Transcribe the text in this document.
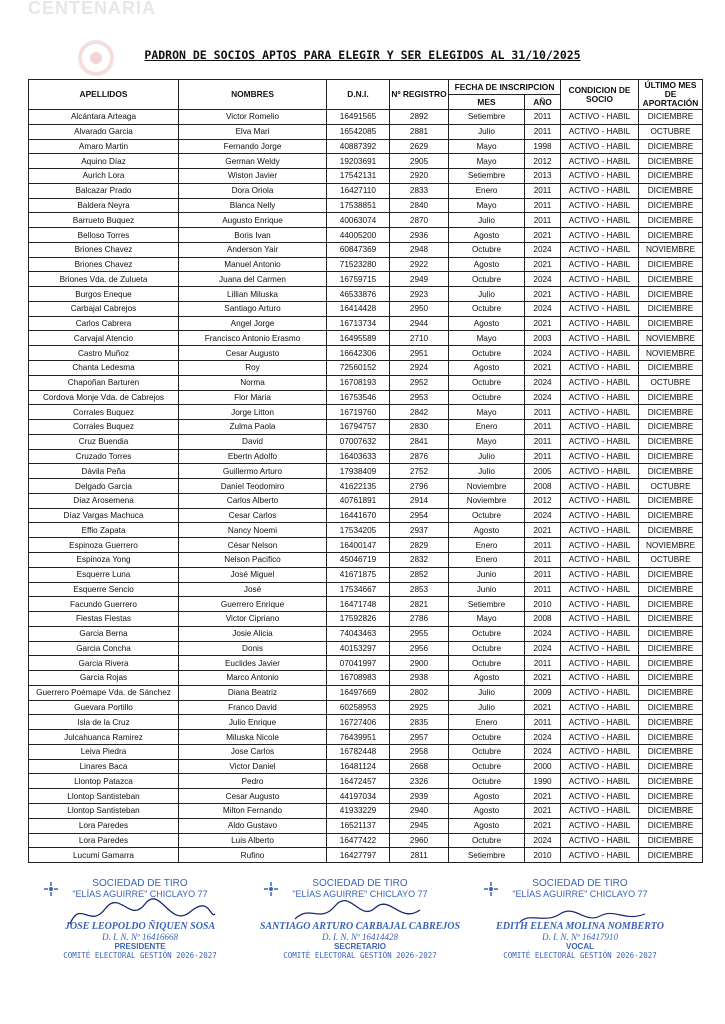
CENTENARIA
PADRON DE SOCIOS APTOS PARA ELEGIR Y SER ELEGIDOS AL 31/10/2025
APELLIDOS	NOMBRES	D.N.I.	Nº REGISTRO	FECHA DE INSCRIPCION		CONDICION DE SOCIO	ÚLTIMO MES DE APORTACIÓN
				MES	AÑO		
Alcántara Arteaga	Victor Romelio	16491565	2892	Setiembre	2011	ACTIVO - HABIL	DICIEMBRE
Alvarado Garcia	Elva Mari	16542085	2881	Julio	2011	ACTIVO - HABIL	OCTUBRE
Amaro Martin	Fernando Jorge	40887392	2629	Mayo	1998	ACTIVO - HABIL	DICIEMBRE
Aquino Díaz	German Weldy	19203691	2905	Mayo	2012	ACTIVO - HABIL	DICIEMBRE
Aurich Lora	Wiston Javier	17542131	2920	Setiembre	2013	ACTIVO - HABIL	DICIEMBRE
Balcazar Prado	Dora Oriola	16427110	2833	Enero	2011	ACTIVO - HABIL	DICIEMBRE
Baldera Neyra	Blanca Nelly	17538851	2840	Mayo	2011	ACTIVO - HABIL	DICIEMBRE
Barrueto Buquez	Augusto Enrique	40063074	2870	Julio	2011	ACTIVO - HABIL	DICIEMBRE
Belloso Torres	Boris Ivan	44005200	2936	Agosto	2021	ACTIVO - HABIL	DICIEMBRE
Briones Chavez	Anderson Yair	60847369	2948	Octubre	2024	ACTIVO - HABIL	NOVIEMBRE
Briones Chavez	Manuel Antonio	71523280	2922	Agosto	2021	ACTIVO - HABIL	DICIEMBRE
Briones Vda. de Zulueta	Juana del Carmen	16759715	2949	Octubre	2024	ACTIVO - HABIL	DICIEMBRE
Burgos Eneque	Lillian Miluska	46533876	2923	Julio	2021	ACTIVO - HABIL	DICIEMBRE
Carbajal Cabrejos	Santiago Arturo	16414428	2950	Octubre	2024	ACTIVO - HABIL	DICIEMBRE
Carlos Cabrera	Angel Jorge	16713734	2944	Agosto	2021	ACTIVO - HABIL	DICIEMBRE
Carvajal Atencio	Francisco Antonio Erasmo	16495589	2710	Mayo	2003	ACTIVO - HABIL	NOVIEMBRE
Castro Muñoz	Cesar Augusto	16642306	2951	Octubre	2024	ACTIVO - HABIL	NOVIEMBRE
Chanta Ledesma	Roy	72560152	2924	Agosto	2021	ACTIVO - HABIL	DICIEMBRE
Chapoñan Barturen	Norma	16708193	2952	Octubre	2024	ACTIVO - HABIL	OCTUBRE
Cordova Monje Vda. de Cabrejos	Flor Maria	16753546	2953	Octubre	2024	ACTIVO - HABIL	DICIEMBRE
Corrales Buquez	Jorge Litton	16719760	2842	Mayo	2011	ACTIVO - HABIL	DICIEMBRE
Corrales Buquez	Zulma Paola	16794757	2830	Enero	2011	ACTIVO - HABIL	DICIEMBRE
Cruz Buendia	David	07007632	2841	Mayo	2011	ACTIVO - HABIL	DICIEMBRE
Cruzado Torres	Ebertn Adolfo	16403633	2876	Julio	2011	ACTIVO - HABIL	DICIEMBRE
Dávila Peña	Guillermo Arturo	17938409	2752	Julio	2005	ACTIVO - HABIL	DICIEMBRE
Delgado Garcia	Daniel Teodomiro	41622135	2796	Noviembre	2008	ACTIVO - HABIL	OCTUBRE
Díaz Arosemena	Carlos Alberto	40761891	2914	Noviembre	2012	ACTIVO - HABIL	DICIEMBRE
Díaz Vargas Machuca	Cesar Carlos	16441670	2954	Octubre	2024	ACTIVO - HABIL	DICIEMBRE
Effio Zapata	Nancy Noemi	17534205	2937	Agosto	2021	ACTIVO - HABIL	DICIEMBRE
Espinoza Guerrero	César Nelson	16400147	2829	Enero	2011	ACTIVO - HABIL	NOVIEMBRE
Espinoza Yong	Nelson Pacifico	45046719	2832	Enero	2011	ACTIVO - HABIL	OCTUBRE
Esquerre Luna	José Miguel	41671875	2852	Junio	2011	ACTIVO - HABIL	DICIEMBRE
Esquerre Sencio	José	17534667	2853	Junio	2011	ACTIVO - HABIL	DICIEMBRE
Facundo Guerrero	Guerrero Enrique	16471748	2821	Setiembre	2010	ACTIVO - HABIL	DICIEMBRE
Fiestas Fiestas	Victor Cipriano	17592826	2786	Mayo	2008	ACTIVO - HABIL	DICIEMBRE
Garcia Berna	Josie Alicia	74043463	2955	Octubre	2024	ACTIVO - HABIL	DICIEMBRE
Garcia Concha	Donis	40153297	2956	Octubre	2024	ACTIVO - HABIL	DICIEMBRE
Garcia Rivera	Euclides Javier	07041997	2900	Octubre	2011	ACTIVO - HABIL	DICIEMBRE
Garcia Rojas	Marco Antonio	16708983	2938	Agosto	2021	ACTIVO - HABIL	DICIEMBRE
Guerrero Poémape Vda. de Sánchez	Diana Beatriz	16497669	2802	Julio	2009	ACTIVO - HABIL	DICIEMBRE
Guevara Portillo	Franco David	60258953	2925	Julio	2021	ACTIVO - HABIL	DICIEMBRE
Isla de la Cruz	Julio Enrique	16727406	2835	Enero	2011	ACTIVO - HABIL	DICIEMBRE
Julcahuanca Ramirez	Miluska Nicole	76439951	2957	Octubre	2024	ACTIVO - HABIL	DICIEMBRE
Leiva Piedra	Jose Carlos	16782448	2958	Octubre	2024	ACTIVO - HABIL	DICIEMBRE
Linares Baca	Victor Daniel	16481124	2668	Octubre	2000	ACTIVO - HABIL	DICIEMBRE
Llontop Patazca	Pedro	16472457	2326	Octubre	1990	ACTIVO - HABIL	DICIEMBRE
Llontop Santisteban	Cesar Augusto	44197034	2939	Agosto	2021	ACTIVO - HABIL	DICIEMBRE
Llontop Santisteban	Milton Fernando	41933229	2940	Agosto	2021	ACTIVO - HABIL	DICIEMBRE
Lora Paredes	Aldo Gustavo	16521137	2945	Agosto	2021	ACTIVO - HABIL	DICIEMBRE
Lora Paredes	Luis Alberto	16477422	2960	Octubre	2024	ACTIVO - HABIL	DICIEMBRE
Lucumi Gamarra	Rufino	16427797	2811	Setiembre	2010	ACTIVO - HABIL	DICIEMBRE
SOCIEDAD DE TIRO
"ELÍAS AGUIRRE" CHICLAYO 77
JOSE LEOPOLDO ÑIQUEN SOSA
D. I. N. Nº 16416668
PRESIDENTE
COMITÉ ELECTORAL GESTIÓN 2026-2027
SOCIEDAD DE TIRO
"ELÍAS AGUIRRE" CHICLAYO 77
SANTIAGO ARTURO CARBAJAL CABREJOS
D. I. N. Nº 16414428
SECRETARIO
COMITÉ ELECTORAL GESTIÓN 2026-2027
SOCIEDAD DE TIRO
"ELÍAS AGUIRRE" CHICLAYO 77
EDITH ELENA MOLINA NOMBERTO
D. I. N. Nº 16417910
VOCAL
COMITÉ ELECTORAL GESTIÓN 2026-2027
